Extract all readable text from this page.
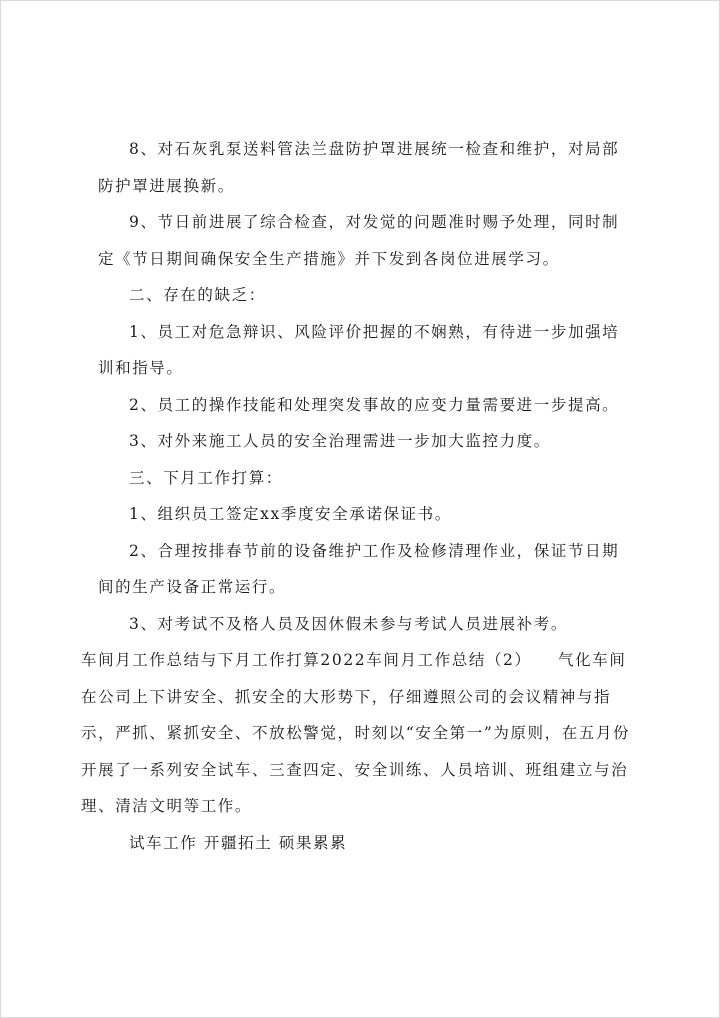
8、对石灰乳泵送料管法兰盘防护罩进展统一检查和维护，对局部防护罩进展换新。

9、节日前进展了综合检查，对发觉的问题准时赐予处理，同时制定《节日期间确保安全生产措施》并下发到各岗位进展学习。

二、存在的缺乏：

1、员工对危急辩识、风险评价把握的不娴熟，有待进一步加强培训和指导。

2、员工的操作技能和处理突发事故的应变力量需要进一步提高。

3、对外来施工人员的安全治理需进一步加大监控力度。

三、下月工作打算：

1、组织员工签定xx季度安全承诺保证书。

2、合理按排春节前的设备维护工作及检修清理作业，保证节日期间的生产设备正常运行。

3、对考试不及格人员及因休假未参与考试人员进展补考。

车间月工作总结与下月工作打算2022车间月工作总结（2）　　气化车间在公司上下讲安全、抓安全的大形势下，仔细遵照公司的会议精神与指示，严抓、紧抓安全、不放松警觉，时刻以“安全第一”为原则，在五月份开展了一系列安全试车、三查四定、安全训练、人员培训、班组建立与治理、清洁文明等工作。

试车工作 开疆拓土 硕果累累
